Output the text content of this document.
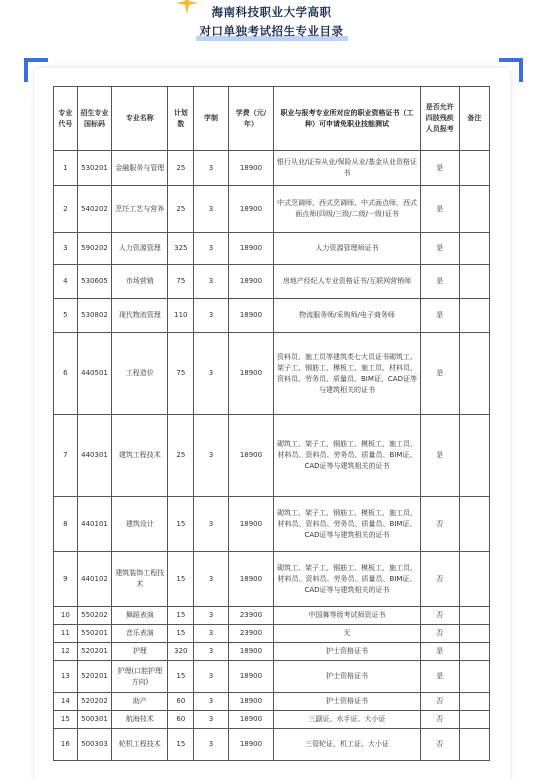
海南科技职业大学高职
对口单独考试招生专业目录
专业代号	招生专业国标码	专业名称	计划数	学制	学费（元/年）	职业与报考专业所对应的职业资格证书（工种）可申请免职业技能测试	是否允许四肢残疾人员报考	备注
1	530201	金融服务与管理	25	3	18900	银行从业/证券从业/保险从业/基金从业资格证书	是	
2	540202	烹饪工艺与营养	25	3	18900	中式烹调师、西式烹调师、中式面点师、西式面点师(四级/三级/二级/一级)证书	是	
3	590202	人力资源管理	325	3	18900	人力资源管理师证书	是	
4	530605	市场营销	75	3	18900	房地产经纪人专业资格证书/互联网营销师	是	
5	530802	现代物流管理	110	3	18900	物流服务师/采购师/电子商务师	是	
6	440501	工程造价	75	3	18900	资料员、施工员等建筑类七大员证书砌筑工、架子工、钢筋工、模板工、施工员、材料员、资料员、劳务员、质量员、BIM证、CAD证等与建筑相关的证书	是	
7	440301	建筑工程技术	25	3	18900	砌筑工、架子工、钢筋工、模板工、施工员、材料员、资料员、劳务员、质量员、BIM证、CAD证等与建筑相关的证书	是	
8	440101	建筑设计	15	3	18900	砌筑工、架子工、钢筋工、模板工、施工员、材料员、资料员、劳务员、质量员、BIM证、CAD证等与建筑相关的证书	否	
9	440102	建筑装饰工程技术	15	3	18900	砌筑工、架子工、钢筋工、模板工、施工员、材料员、资料员、劳务员、质量员、BIM证、CAD证等与建筑相关的证书	否	
10	550202	舞蹈表演	15	3	23900	中国舞等级考试师资证书	否	
11	550201	音乐表演	15	3	23900	无	否	
12	520201	护理	320	3	18900	护士资格证书	是	
13	520201	护理(口腔护理方向)	15	3	18900	护士资格证书	是	
14	520202	助产	60	3	18900	护士资格证书	否	
15	500301	航海技术	60	3	18900	三副证、水手证、大小证	否	
16	500303	轮机工程技术	15	3	18900	三管轮证、机工证、大小证	否	
